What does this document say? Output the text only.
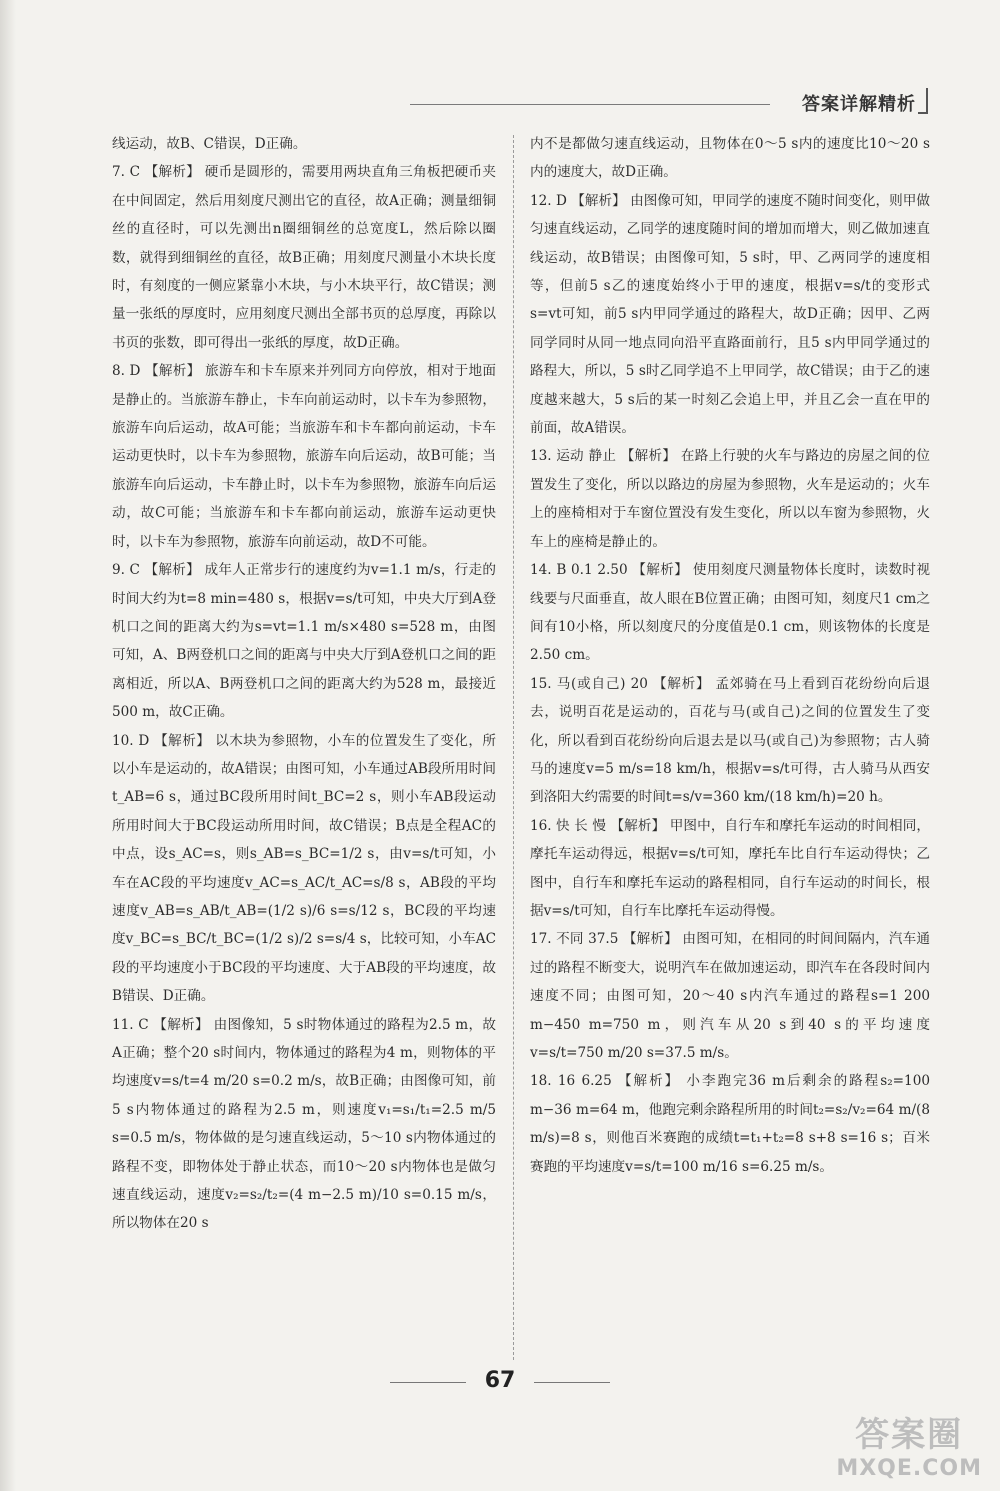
答案详解精析

线运动，故B、C错误，D正确。

7. C 【解析】 硬币是圆形的，需要用两块直角三角板把硬币夹在中间固定，然后用刻度尺测出它的直径，故A正确；测量细铜丝的直径时，可以先测出n圈细铜丝的总宽度L，然后除以圈数，就得到细铜丝的直径，故B正确；用刻度尺测量小木块长度时，有刻度的一侧应紧靠小木块，与小木块平行，故C错误；测量一张纸的厚度时，应用刻度尺测出全部书页的总厚度，再除以书页的张数，即可得出一张纸的厚度，故D正确。

8. D 【解析】 旅游车和卡车原来并列同方向停放，相对于地面是静止的。当旅游车静止，卡车向前运动时，以卡车为参照物，旅游车向后运动，故A可能；当旅游车和卡车都向前运动，卡车运动更快时，以卡车为参照物，旅游车向后运动，故B可能；当旅游车向后运动，卡车静止时，以卡车为参照物，旅游车向后运动，故C可能；当旅游车和卡车都向前运动，旅游车运动更快时，以卡车为参照物，旅游车向前运动，故D不可能。

9. C 【解析】 成年人正常步行的速度约为v=1.1 m/s，行走的时间大约为t=8 min=480 s，根据v=s/t可知，中央大厅到A登机口之间的距离大约为s=vt=1.1 m/s×480 s=528 m，由图可知，A、B两登机口之间的距离与中央大厅到A登机口之间的距离相近，所以A、B两登机口之间的距离大约为528 m，最接近500 m，故C正确。

10. D 【解析】 以木块为参照物，小车的位置发生了变化，所以小车是运动的，故A错误；由图可知，小车通过AB段所用时间t_AB=6 s，通过BC段所用时间t_BC=2 s，则小车AB段运动所用时间大于BC段运动所用时间，故C错误；B点是全程AC的中点，设s_AC=s，则s_AB=s_BC=1/2 s，由v=s/t可知，小车在AC段的平均速度v_AC=s_AC/t_AC=s/8 s，AB段的平均速度v_AB=s_AB/t_AB=(1/2 s)/6 s=s/12 s，BC段的平均速度v_BC=s_BC/t_BC=(1/2 s)/2 s=s/4 s，比较可知，小车AC段的平均速度小于BC段的平均速度、大于AB段的平均速度，故B错误、D正确。

11. C 【解析】 由图像知，5 s时物体通过的路程为2.5 m，故A正确；整个20 s时间内，物体通过的路程为4 m，则物体的平均速度v=s/t=4 m/20 s=0.2 m/s，故B正确；由图像可知，前5 s内物体通过的路程为2.5 m，则速度v₁=s₁/t₁=2.5 m/5 s=0.5 m/s，物体做的是匀速直线运动，5～10 s内物体通过的路程不变，即物体处于静止状态，而10～20 s内物体也是做匀速直线运动，速度v₂=s₂/t₂=(4 m−2.5 m)/10 s=0.15 m/s，所以物体在20 s

内不是都做匀速直线运动，且物体在0～5 s内的速度比10～20 s内的速度大，故D正确。

12. D 【解析】 由图像可知，甲同学的速度不随时间变化，则甲做匀速直线运动，乙同学的速度随时间的增加而增大，则乙做加速直线运动，故B错误；由图像可知，5 s时，甲、乙两同学的速度相等，但前5 s乙的速度始终小于甲的速度，根据v=s/t的变形式s=vt可知，前5 s内甲同学通过的路程大，故D正确；因甲、乙两同学同时从同一地点同向沿平直路面前行，且5 s内甲同学通过的路程大，所以，5 s时乙同学追不上甲同学，故C错误；由于乙的速度越来越大，5 s后的某一时刻乙会追上甲，并且乙会一直在甲的前面，故A错误。

13. 运动 静止 【解析】 在路上行驶的火车与路边的房屋之间的位置发生了变化，所以以路边的房屋为参照物，火车是运动的；火车上的座椅相对于车窗位置没有发生变化，所以以车窗为参照物，火车上的座椅是静止的。

14. B 0.1 2.50 【解析】 使用刻度尺测量物体长度时，读数时视线要与尺面垂直，故人眼在B位置正确；由图可知，刻度尺1 cm之间有10小格，所以刻度尺的分度值是0.1 cm，则该物体的长度是2.50 cm。

15. 马(或自己) 20 【解析】 孟郊骑在马上看到百花纷纷向后退去，说明百花是运动的，百花与马(或自己)之间的位置发生了变化，所以看到百花纷纷向后退去是以马(或自己)为参照物；古人骑马的速度v=5 m/s=18 km/h，根据v=s/t可得，古人骑马从西安到洛阳大约需要的时间t=s/v=360 km/(18 km/h)=20 h。

16. 快 长 慢 【解析】 甲图中，自行车和摩托车运动的时间相同，摩托车运动得远，根据v=s/t可知，摩托车比自行车运动得快；乙图中，自行车和摩托车运动的路程相同，自行车运动的时间长，根据v=s/t可知，自行车比摩托车运动得慢。

17. 不同 37.5 【解析】 由图可知，在相同的时间间隔内，汽车通过的路程不断变大，说明汽车在做加速运动，即汽车在各段时间内速度不同；由图可知，20～40 s内汽车通过的路程s=1 200 m−450 m=750 m，则汽车从20 s到40 s的平均速度v=s/t=750 m/20 s=37.5 m/s。

18. 16 6.25 【解析】 小李跑完36 m后剩余的路程s₂=100 m−36 m=64 m，他跑完剩余路程所用的时间t₂=s₂/v₂=64 m/(8 m/s)=8 s，则他百米赛跑的成绩t=t₁+t₂=8 s+8 s=16 s；百米赛跑的平均速度v=s/t=100 m/16 s=6.25 m/s。

67
答案圈
MXQE.COM
